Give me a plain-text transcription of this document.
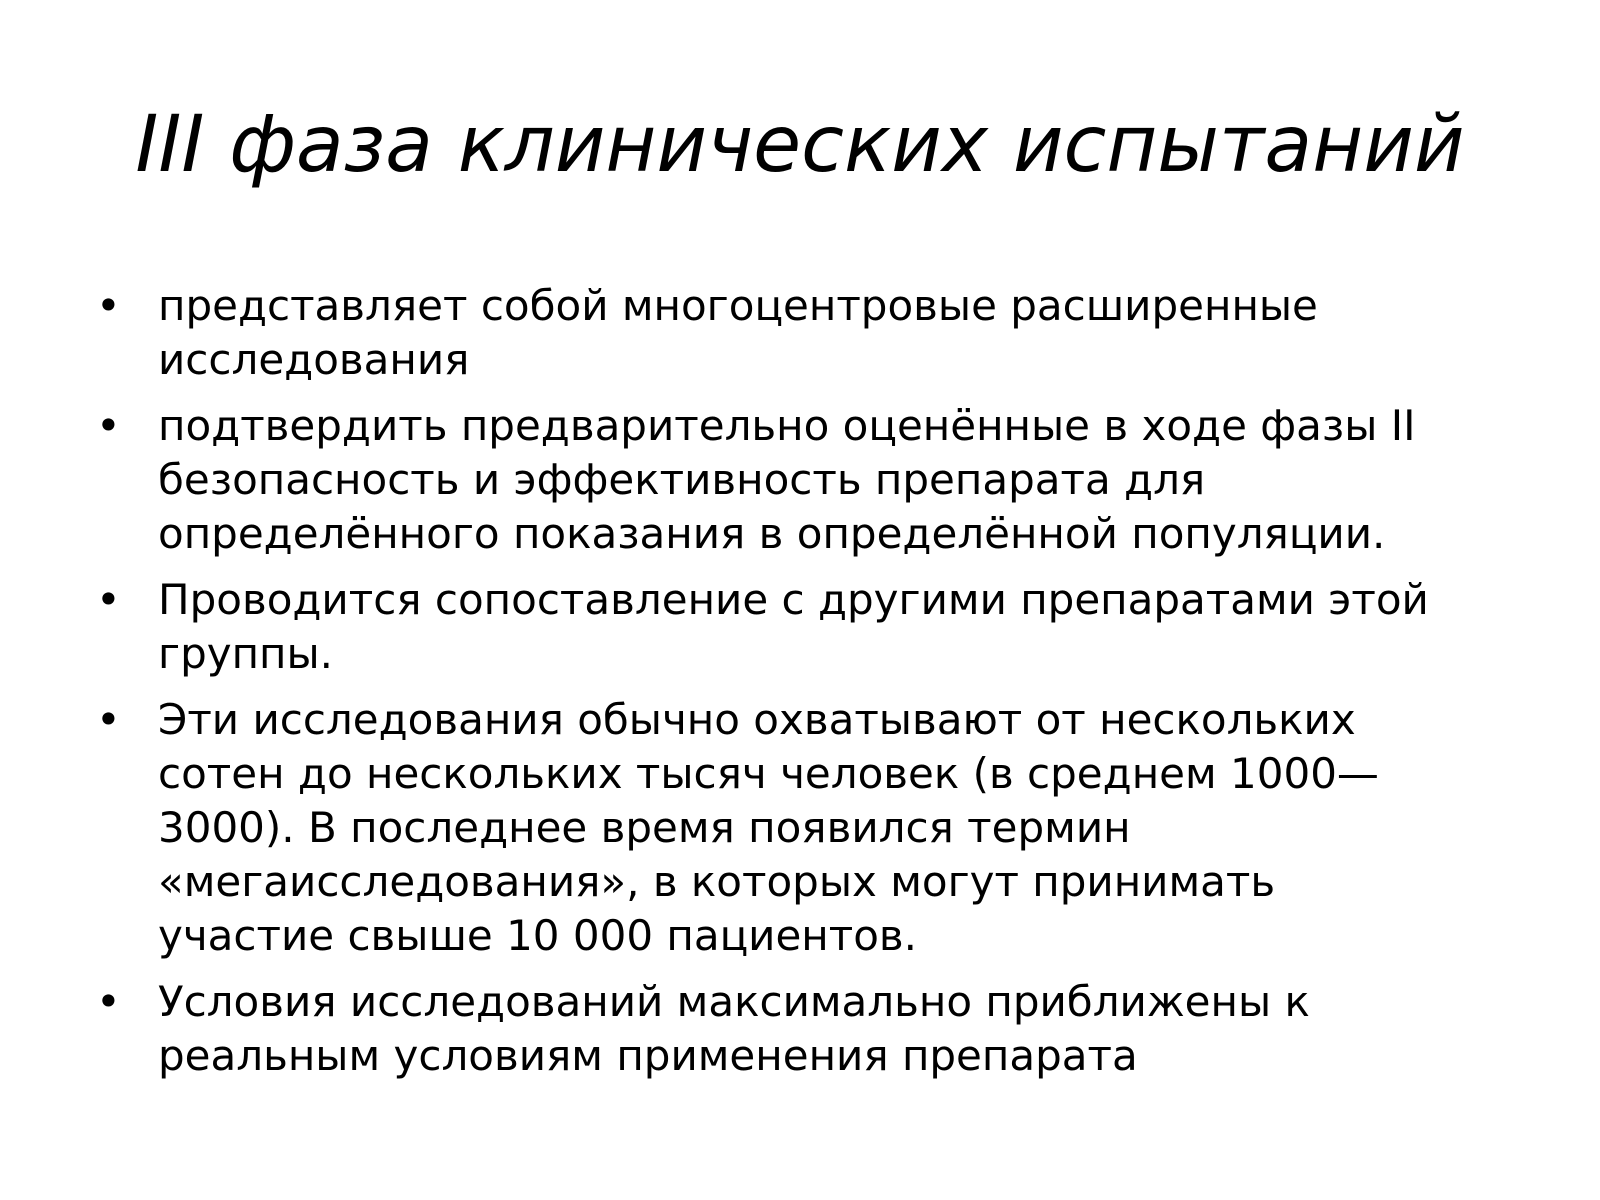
III фаза клинических испытаний
• представляет собой многоцентровые расширенные
исследования
• подтвердить предварительно оценённые в ходе фазы II
безопасность и эффективность препарата для
определённого показания в определённой популяции.
• Проводится сопоставление с другими препаратами этой
группы.
• Эти исследования обычно охватывают от нескольких
сотен до нескольких тысяч человек (в среднем 1000—
3000). В последнее время появился термин
«мегаисследования», в которых могут принимать
участие свыше 10 000 пациентов.
• Условия исследований максимально приближены к
реальным условиям применения препарата
